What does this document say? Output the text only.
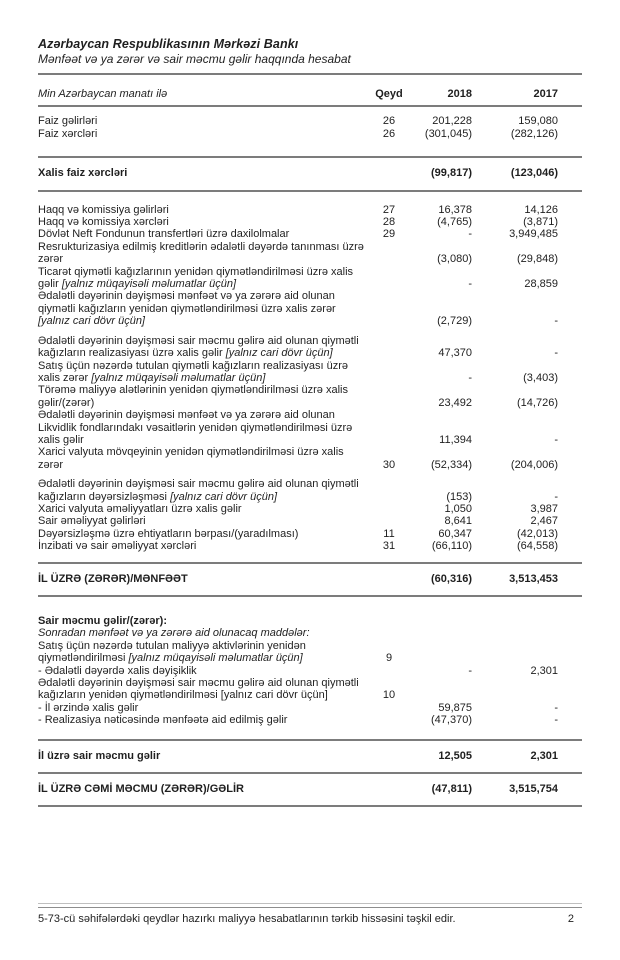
Azərbaycan Respublikasının Mərkəzi Bankı
Mənfəət və ya zərər və sair məcmu gəlir haqqında hesabat
Min Azərbaycan manatı ilə	Qeyd	2018	2017
Faiz gəlirləri	26	201,228	159,080
Faiz xərcləri	26	(301,045)	(282,126)

Xalis faiz xərcləri		(99,817)	(123,046)

Haqq və komissiya gəlirləri	27	16,378	14,126
Haqq və komissiya xərcləri	28	(4,765)	(3,871)
Dövlət Neft Fondunun transfertləri üzrə daxilolmalar	29	-	3,949,485
Resrukturizasiya edilmiş kreditlərin ədalətli dəyərdə tanınması üzrə zərər		(3,080)	(29,848)
Ticarət qiymətli kağızlarının yenidən qiymətləndirilməsi üzrə xalis gəlir [yalnız müqayisəli məlumatlar üçün]		-	28,859
Ədalətli dəyərinin dəyişməsi mənfəət və ya zərərə aid olunan qiymətli kağızların yenidən qiymətləndirilməsi üzrə xalis zərər [yalnız cari dövr üçün]		(2,729)	-
Ədalətli dəyərinin dəyişməsi sair məcmu gəlirə aid olunan qiymətli kağızların realizasiyası üzrə xalis gəlir [yalnız cari dövr üçün]		47,370	-
Satış üçün nəzərdə tutulan qiymətli kağızların realizasiyası üzrə xalis zərər [yalnız müqayisəli məlumatlar üçün]		-	(3,403)
Törəmə maliyyə alətlərinin yenidən qiymətləndirilməsi üzrə xalis gəlir/(zərər)		23,492	(14,726)
Ədalətli dəyərinin dəyişməsi mənfəət və ya zərərə aid olunan Likvidlik fondlarındakı vəsaitlərin yenidən qiymətləndirilməsi üzrə xalis gəlir		11,394	-
Xarici valyuta mövqeyinin yenidən qiymətləndirilməsi üzrə xalis zərər	30	(52,334)	(204,006)
Ədalətli dəyərinin dəyişməsi sair məcmu gəlirə aid olunan qiymətli kağızların dəyərsizləşməsi [yalnız cari dövr üçün]		(153)	-
Xarici valyuta əməliyyatları üzrə xalis gəlir		1,050	3,987
Sair əməliyyat gəlirləri		8,641	2,467
Dəyərsizləşmə üzrə ehtiyatların bərpası/(yaradılması)	11	60,347	(42,013)
İnzibati və sair əməliyyat xərcləri	31	(66,110)	(64,558)

İL ÜZRƏ (ZƏRƏR)/MƏNFƏƏT		(60,316)	3,513,453

Sair məcmu gəlir/(zərər):			
Sonradan mənfəət və ya zərərə aid olunacaq maddələr:			
Satış üçün nəzərdə tutulan maliyyə aktivlərinin yenidən qiymətləndirilməsi [yalnız müqayisəli məlumatlar üçün]	9		
- Ədalətli dəyərdə xalis dəyişiklik		-	2,301
Ədalətli dəyərinin dəyişməsi sair məcmu gəlirə aid olunan qiymətli kağızların yenidən qiymətləndirilməsi [yalnız cari dövr üçün]	10		
- İl ərzində xalis gəlir		59,875	-
- Realizasiya nəticəsində mənfəətə aid edilmiş gəlir		(47,370)	-

İl üzrə sair məcmu gəlir		12,505	2,301

İL ÜZRƏ CƏMİ MƏCMU (ZƏRƏR)/GƏLİR		(47,811)	3,515,754

5-73-cü səhifələrdəki qeydlər hazırkı maliyyə hesabatlarının tərkib hissəsini təşkil edir.	2
